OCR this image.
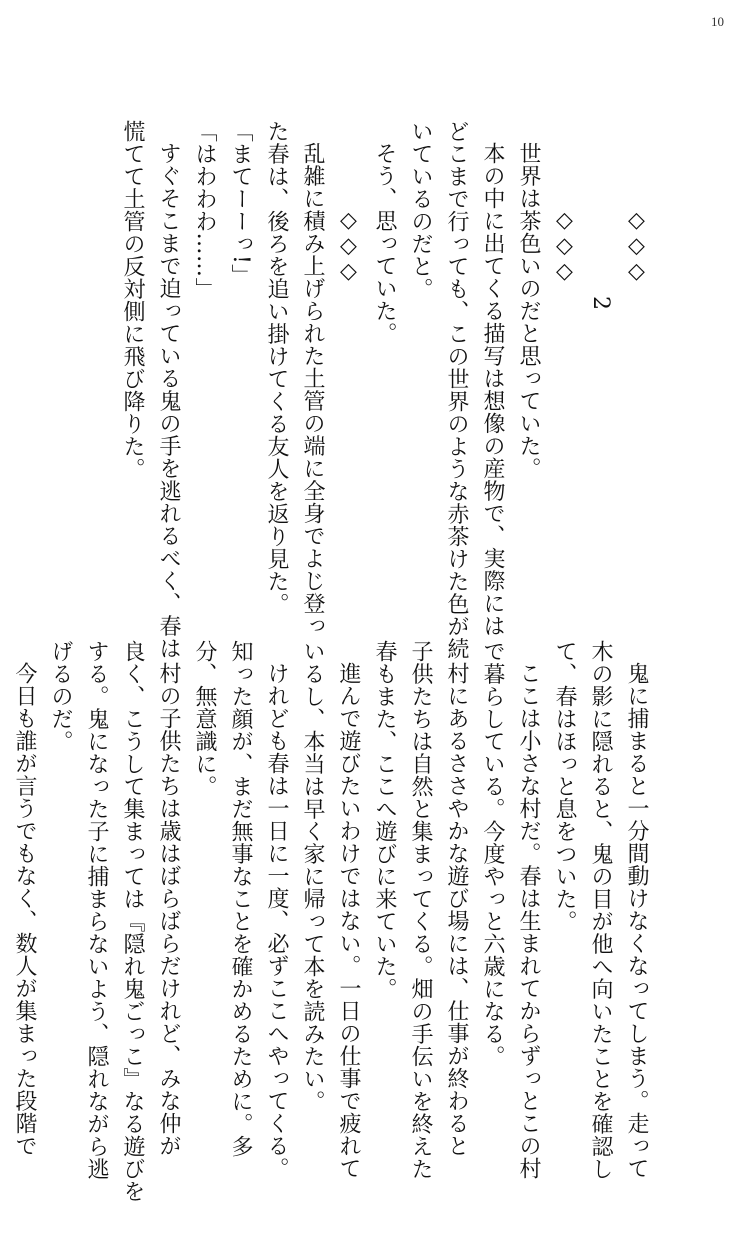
10

◇◇◇

2

◇◇◇

世界は茶色いのだと思っていた。

本の中に出てくる描写は想像の産物で、実際には

どこまで行っても、この世界のような赤茶けた色が続

いているのだと。

そう、思っていた。

◇◇◇

乱雑に積み上げられた土管の端に全身でよじ登っ

た春は、後ろを追い掛けてくる友人を返り見た。

「まてーーっ!」

「はわわわ……」

すぐそこまで迫っている鬼の手を逃れるべく、春は

慌てて土管の反対側に飛び降りた。

鬼に捕まると一分間動けなくなってしまう。走って

木の影に隠れると、鬼の目が他へ向いたことを確認し

て、春はほっと息をついた。

ここは小さな村だ。春は生まれてからずっとこの村

で暮らしている。今度やっと六歳になる。

村にあるささやかな遊び場には、仕事が終わると

子供たちは自然と集まってくる。畑の手伝いを終えた

春もまた、ここへ遊びに来ていた。

進んで遊びたいわけではない。一日の仕事で疲れて

いるし、本当は早く家に帰って本を読みたい。

けれども春は一日に一度、必ずここへやってくる。

知った顔が、まだ無事なことを確かめるために。多

分、無意識に。

村の子供たちは歳はばらばらだけれど、みな仲が

良く、こうして集まっては『隠れ鬼ごっこ』なる遊びを

する。鬼になった子に捕まらないよう、隠れながら逃

げるのだ。

今日も誰が言うでもなく、数人が集まった段階で
